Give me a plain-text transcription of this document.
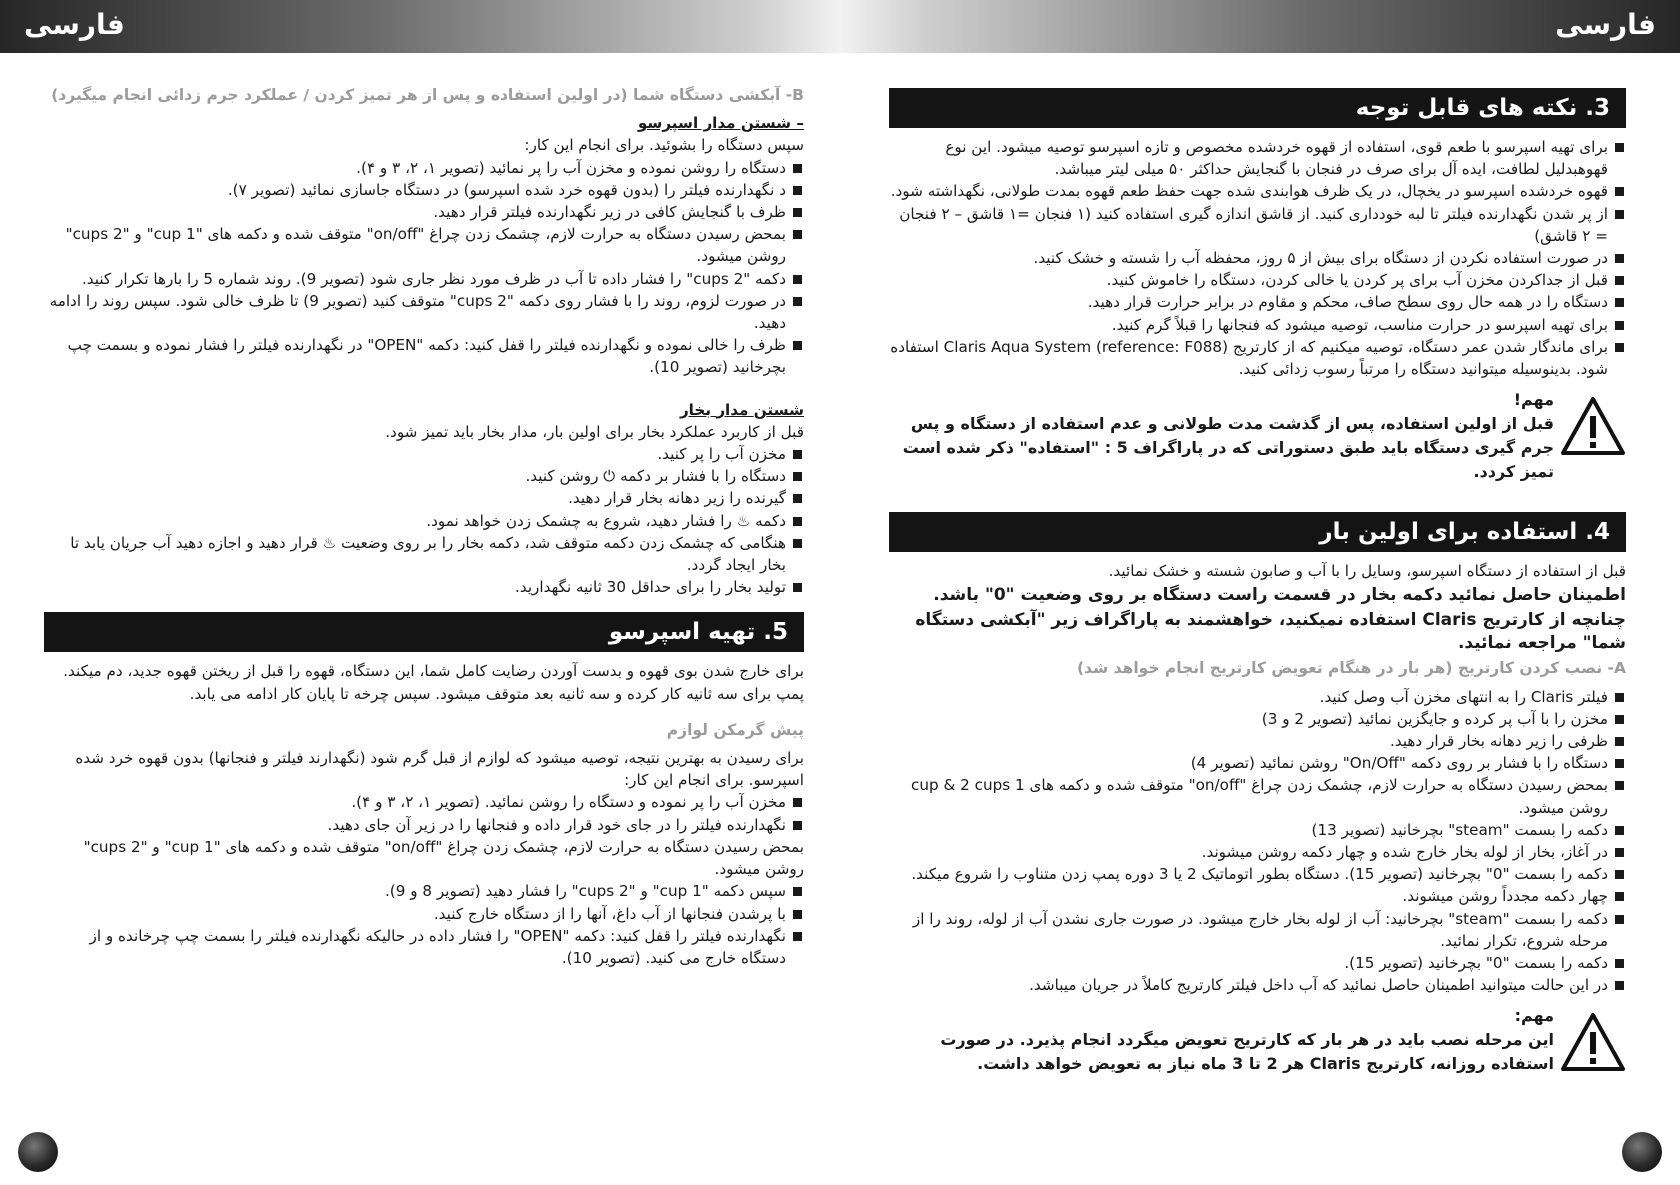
فارسی	فارسی
B- آبکشی دستگاه شما (در اولین استفاده و پس از هر تمیز کردن / عملکرد جرم زدائی انجام میگیرد)
– شستن مدار اسپرسو

سپس دستگاه را بشوئید. برای انجام این کار:

دستگاه را روشن نموده و مخزن آب را پر نمائید (تصویر ۱، ۲، ۳ و ۴).
د نگهدارنده فیلتر را (بدون قهوه خرد شده اسپرسو) در دستگاه جاسازی نمائید (تصویر ۷).
ظرف با گنجایش کافی در زیر نگهدارنده فیلتر قرار دهید.
بمحض رسیدن دستگاه به حرارت لازم، چشمک زدن چراغ "on/off" متوقف شده و دکمه های "1 cup" و "2 cups" روشن میشود.
دکمه "2 cups" را فشار داده تا آب در ظرف مورد نظر جاری شود (تصویر 9). روند شماره 5 را بارها تکرار کنید.
در صورت لزوم، روند را با فشار روی دکمه "2 cups" متوقف کنید (تصویر 9) تا ظرف خالی شود. سپس روند را ادامه دهید.
ظرف را خالی نموده و نگهدارنده فیلتر را قفل کنید: دکمه "OPEN" در نگهدارنده فیلتر را فشار نموده و بسمت چپ بچرخانید (تصویر 10).
شستن مدار بخار

قبل از کاربرد عملکرد بخار برای اولین بار، مدار بخار باید تمیز شود.

مخزن آب را پر کنید.
دستگاه را با فشار بر دکمه ⏻ روشن کنید.
گیرنده را زیر دهانه بخار قرار دهید.
دکمه ♨ را فشار دهید، شروع به چشمک زدن خواهد نمود.
هنگامی که چشمک زدن دکمه متوقف شد، دکمه بخار را بر روی وضعیت ♨ قرار دهید و اجازه دهید آب جریان یابد تا بخار ایجاد گردد.
تولید بخار را برای حداقل 30 ثانیه نگهدارید.
5. تهیه اسپرسو

برای خارج شدن بوی قهوه و بدست آوردن رضایت کامل شما، این دستگاه، قهوه را قبل از ریختن قهوه جدید، دم میکند. پمپ برای سه ثانیه کار کرده و سه ثانیه بعد متوقف میشود. سپس چرخه تا پایان کار ادامه می یابد.

پیش گرمکن لوازم

برای رسیدن به بهترین نتیجه، توصیه میشود که لوازم از قبل گرم شود (نگهدارند فیلتر و فنجانها) بدون قهوه خرد شده اسپرسو. برای انجام این کار:

مخزن آب را پر نموده و دستگاه را روشن نمائید. (تصویر ۱، ۲، ۳ و ۴).
نگهدارنده فیلتر را در جای خود قرار داده و فنجانها را در زیر آن جای دهید.

بمحض رسیدن دستگاه به حرارت لازم، چشمک زدن چراغ "on/off" متوقف شده و دکمه های "1 cup" و "2 cups" روشن میشود.

سپس دکمه "1 cup" و "2 cups" را فشار دهید (تصویر 8 و 9).
با پرشدن فنجانها از آب داغ، آنها را از دستگاه خارج کنید.
نگهدارنده فیلتر را قفل کنید: دکمه "OPEN" را فشار داده در حالیکه نگهدارنده فیلتر را بسمت چپ چرخانده و از دستگاه خارج می کنید. (تصویر 10).
3. نکته های قابل توجه
برای تهیه اسپرسو با طعم قوی، استفاده از قهوه خردشده مخصوص و تازه اسپرسو توصیه میشود. این نوع قهوهبدلیل لطافت، ایده آل برای صرف در فنجان با گنجایش حداکثر ۵۰ میلی لیتر میباشد.
قهوه خردشده اسپرسو در یخچال، در یک ظرف هوابندی شده جهت حفظ طعم قهوه بمدت طولانی، نگهداشته شود.
از پر شدن نگهدارنده فیلتر تا لبه خودداری کنید. از قاشق اندازه گیری استفاده کنید (۱ فنجان =۱ قاشق – ۲ فنجان = ۲ قاشق)
در صورت استفاده نکردن از دستگاه برای بیش از ۵ روز، محفظه آب را شسته و خشک کنید.
قبل از جداکردن مخزن آب برای پر کردن یا خالی کردن، دستگاه را خاموش کنید.
دستگاه را در همه حال روی سطح صاف، محکم و مقاوم در برابر حرارت قرار دهید.
برای تهیه اسپرسو در حرارت مناسب، توصیه میشود که فنجانها را قبلاً گرم کنید.
برای ماندگار شدن عمر دستگاه، توصیه میکنیم که از کارتریج Claris Aqua System (reference: F088) استفاده شود. بدینوسیله میتوانید دستگاه را مرتباً رسوب زدائی کنید.
مهم!
قبل از اولین استفاده، پس از گذشت مدت طولانی و عدم استفاده از دستگاه و پس جرم گیری دستگاه باید طبق دستوراتی که در پاراگراف 5 : "استفاده" ذکر شده است تمیز کردد.
4. استفاده برای اولین بار

قبل از استفاده از دستگاه اسپرسو، وسایل را با آب و صابون شسته و خشک نمائید.

اطمینان حاصل نمائید دکمه بخار در قسمت راست دستگاه بر روی وضعیت "0" باشد.

چنانچه از کارتریج Claris استفاده نمیکنید، خواهشمند به پاراگراف زیر "آبکشی دستگاه شما" مراجعه نمائید.

A- نصب کردن کارتریج (هر بار در هنگام تعویض کارتریج انجام خواهد شد)
فیلتر Claris را به انتهای مخزن آب وصل کنید.
مخزن را با آب پر کرده و جایگزین نمائید (تصویر 2 و 3)
ظرفی را زیر دهانه بخار قرار دهید.
دستگاه را با فشار بر روی دکمه "On/Off" روشن نمائید (تصویر 4)
بمحض رسیدن دستگاه به حرارت لازم، چشمک زدن چراغ "on/off" متوقف شده و دکمه های 1 cup & 2 cups روشن میشود.
دکمه را بسمت "steam" بچرخانید (تصویر 13)
در آغاز، بخار از لوله بخار خارج شده و چهار دکمه روشن میشوند.
دکمه را بسمت "0" بچرخانید (تصویر 15). دستگاه بطور اتوماتیک 2 یا 3 دوره پمپ زدن متناوب را شروع میکند.
چهار دکمه مجدداً روشن میشوند.
دکمه را بسمت "steam" بچرخانید: آب از لوله بخار خارج میشود. در صورت جاری نشدن آب از لوله، روند را از مرحله شروع، تکرار نمائید.
دکمه را بسمت "0" بچرخانید (تصویر 15).
در این حالت میتوانید اطمینان حاصل نمائید که آب داخل فیلتر کارتریج کاملاً در جریان میباشد.
مهم:
این مرحله نصب باید در هر بار که کارتریج تعویض میگردد انجام پذیرد. در صورت استفاده روزانه، کارتریج Claris هر 2 تا 3 ماه نیاز به تعویض خواهد داشت.
